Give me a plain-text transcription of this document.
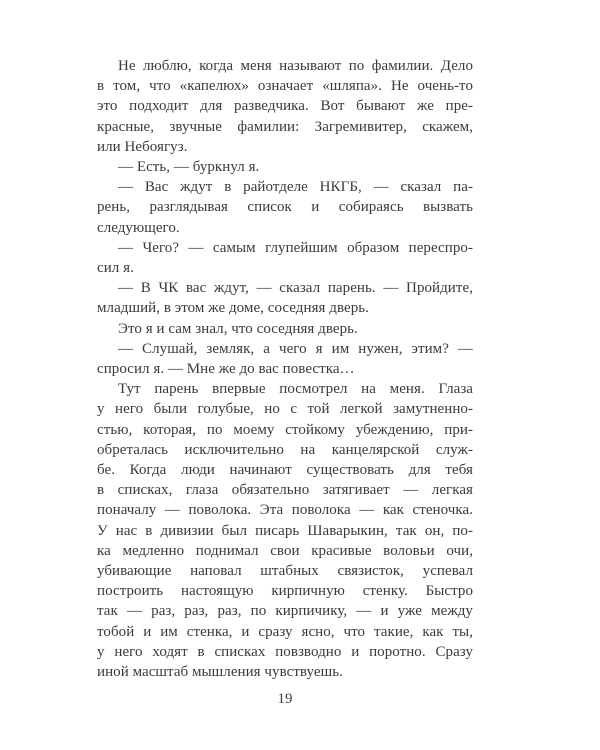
Не люблю, когда меня называют по фамилии. Дело
в том, что «капелюх» означает «шляпа». Не очень-то
это подходит для разведчика. Вот бывают же пре-
красные, звучные фамилии: Загремивитер, скажем,
или Небоягуз.
— Есть, — буркнул я.
— Вас ждут в райотделе НКГБ, — сказал па-
рень, разглядывая список и собираясь вызвать
следующего.
— Чего? — самым глупейшим образом переспро-
сил я.
— В ЧК вас ждут, — сказал парень. — Пройдите,
младший, в этом же доме, соседняя дверь.
Это я и сам знал, что соседняя дверь.
— Слушай, земляк, а чего я им нужен, этим? —
спросил я. — Мне же до вас повестка…
Тут парень впервые посмотрел на меня. Глаза
у него были голубые, но с той легкой замутненно-
стью, которая, по моему стойкому убеждению, при-
обреталась исключительно на канцелярской служ-
бе. Когда люди начинают существовать для тебя
в списках, глаза обязательно затягивает — легкая
поначалу — поволока. Эта поволока — как стеночка.
У нас в дивизии был писарь Шаварыкин, так он, по-
ка медленно поднимал свои красивые воловьи очи,
убивающие наповал штабных связисток, успевал
построить настоящую кирпичную стенку. Быстро
так — раз, раз, раз, по кирпичику, — и уже между
тобой и им стенка, и сразу ясно, что такие, как ты,
у него ходят в списках повзводно и поротно. Сразу
иной масштаб мышления чувствуешь.
19
